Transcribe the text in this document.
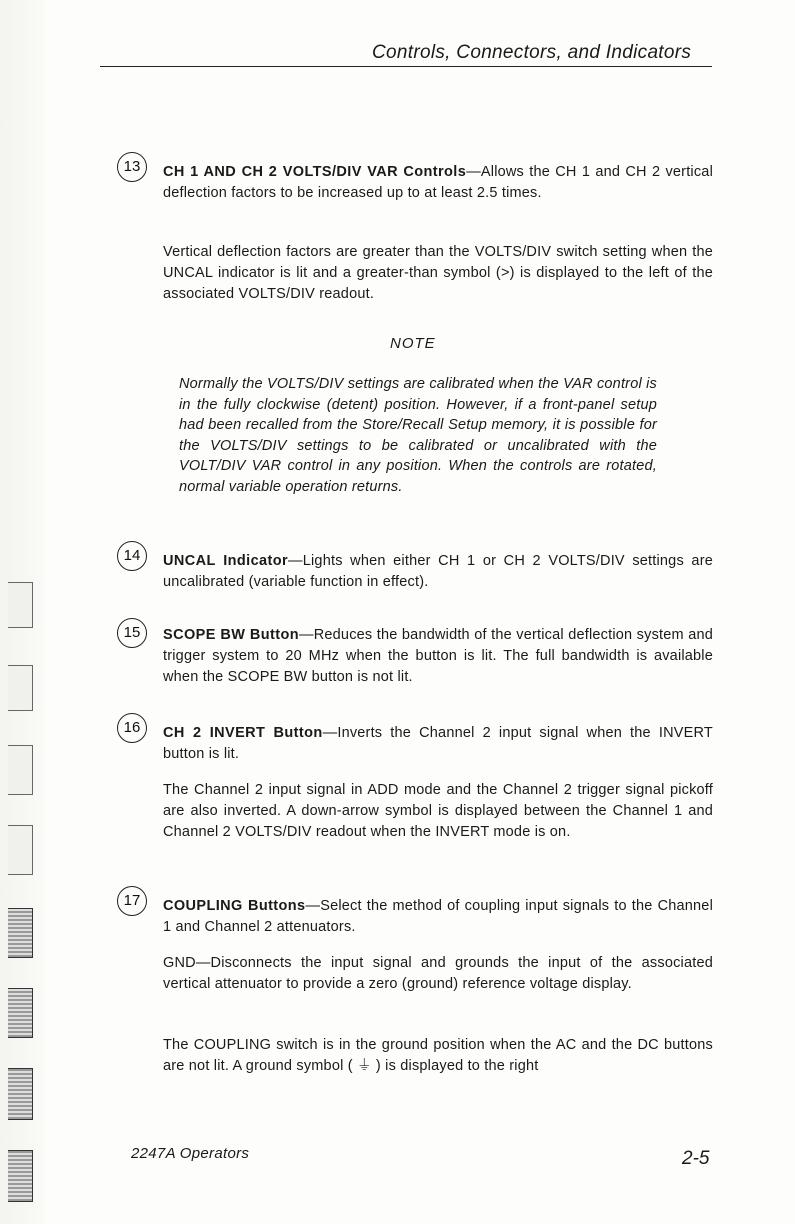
Controls, Connectors, and Indicators
13	CH 1 AND CH 2 VOLTS/DIV VAR Controls—Allows the CH 1 and CH 2 vertical deflection factors to be increased up to at least 2.5 times.

Vertical deflection factors are greater than the VOLTS/DIV switch setting when the UNCAL indicator is lit and a greater-than symbol (>) is displayed to the left of the associated VOLTS/DIV readout.

NOTE

Normally the VOLTS/DIV settings are calibrated when the VAR control is in the fully clockwise (detent) position. However, if a front-panel setup had been recalled from the Store/Recall Setup memory, it is possible for the VOLTS/DIV settings to be calibrated or uncalibrated with the VOLT/DIV VAR control in any position. When the controls are rotated, normal variable operation returns.

14	UNCAL Indicator—Lights when either CH 1 or CH 2 VOLTS/DIV settings are uncalibrated (variable function in effect).

15	SCOPE BW Button—Reduces the bandwidth of the vertical deflection system and trigger system to 20 MHz when the button is lit. The full bandwidth is available when the SCOPE BW button is not lit.

16	CH 2 INVERT Button—Inverts the Channel 2 input signal when the INVERT button is lit.

The Channel 2 input signal in ADD mode and the Channel 2 trigger signal pickoff are also inverted. A down-arrow symbol is displayed between the Channel 1 and Channel 2 VOLTS/DIV readout when the INVERT mode is on.

17	COUPLING Buttons—Select the method of coupling input signals to the Channel 1 and Channel 2 attenuators.

GND—Disconnects the input signal and grounds the input of the associated vertical attenuator to provide a zero (ground) reference voltage display.

The COUPLING switch is in the ground position when the AC and the DC buttons are not lit. A ground symbol ( ⏚ ) is displayed to the right

2247A Operators	2-5
